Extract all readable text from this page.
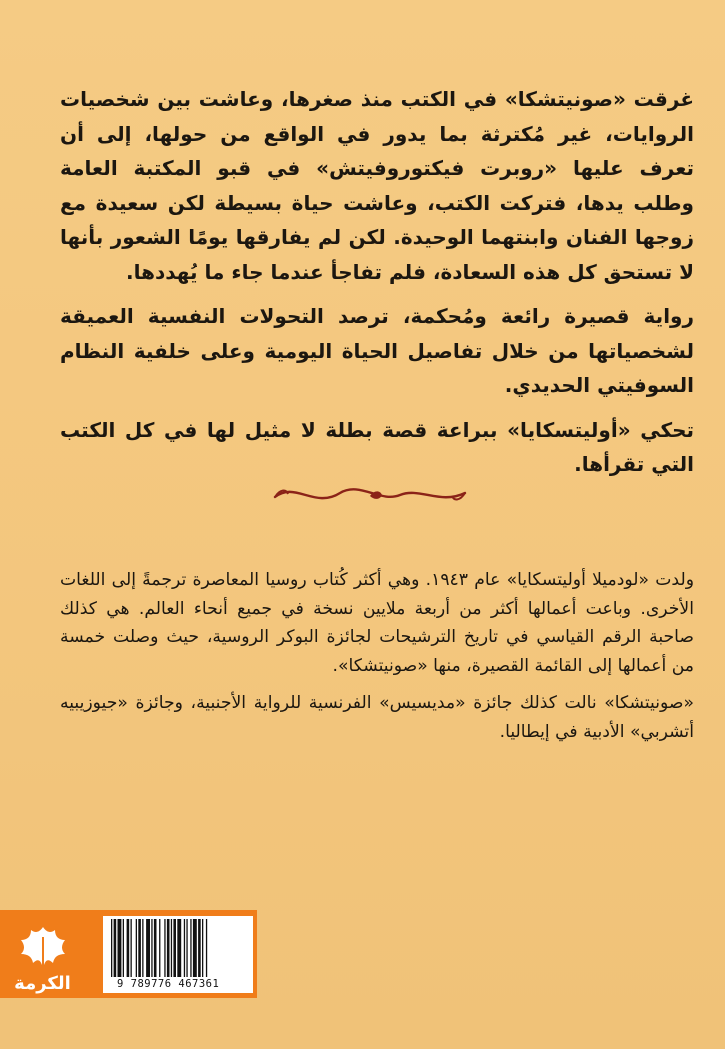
غرقت «صونيتشكا» في الكتب منذ صغرها، وعاشت بين شخصيات الروايات، غير مُكترثة بما يدور في الواقع من حولها، إلى أن تعرف عليها «روبرت فيكتوروفيتش» في قبو المكتبة العامة وطلب يدها، فتركت الكتب، وعاشت حياة بسيطة لكن سعيدة مع زوجها الفنان وابنتهما الوحيدة. لكن لم يفارقها يومًا الشعور بأنها لا تستحق كل هذه السعادة، فلم تفاجأ عندما جاء ما يُهددها.

رواية قصيرة رائعة ومُحكمة، ترصد التحولات النفسية العميقة لشخصياتها من خلال تفاصيل الحياة اليومية وعلى خلفية النظام السوفيتي الحديدي.

تحكي «أوليتسكايا» ببراعة قصة بطلة لا مثيل لها في كل الكتب التي تقرأها.

ولدت «لودميلا أوليتسكايا» عام ١٩٤٣. وهي أكثر كُتاب روسيا المعاصرة ترجمةً إلى اللغات الأخرى. وباعت أعمالها أكثر من أربعة ملايين نسخة في جميع أنحاء العالم. هي كذلك صاحبة الرقم القياسي في تاريخ الترشيحات لجائزة البوكر الروسية، حيث وصلت خمسة من أعمالها إلى القائمة القصيرة، منها «صونيتشكا».

«صونيتشكا» نالت كذلك جائزة «مديسيس» الفرنسية للرواية الأجنبية، وجائزة «جيوزيبيه أتشربي» الأدبية في إيطاليا.

الكرمة	9 789776 467361
